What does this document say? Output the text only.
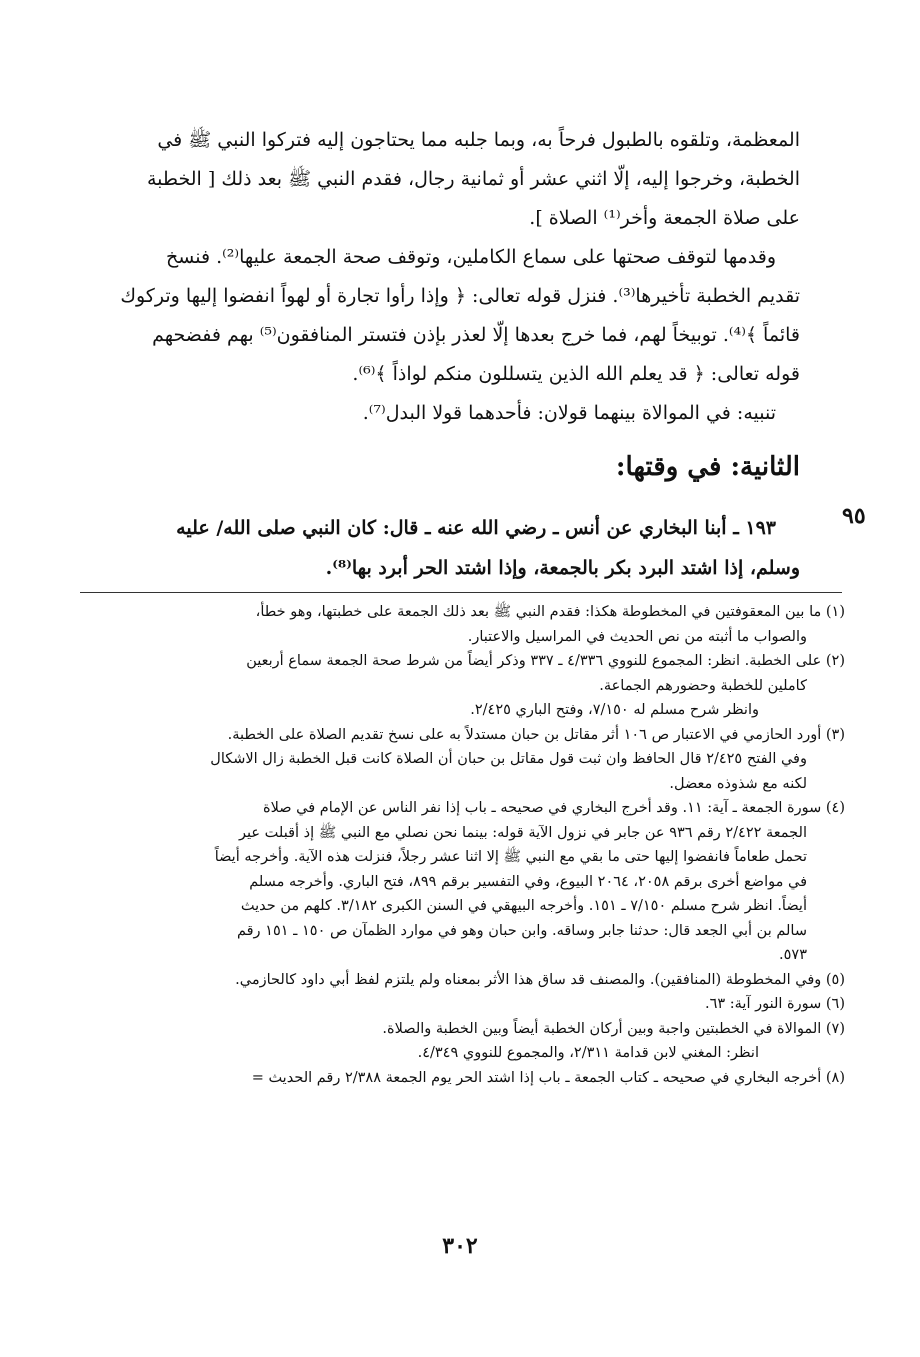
المعظمة، وتلقوه بالطبول فرحاً به، وبما جلبه مما يحتاجون إليه فتركوا النبي ﷺ في
الخطبة، وخرجوا إليه، إلّا اثني عشر أو ثمانية رجال، فقدم النبي ﷺ بعد ذلك [ الخطبة
على صلاة الجمعة وأخر⁽¹⁾ الصلاة ].
وقدمها لتوقف صحتها على سماع الكاملين، وتوقف صحة الجمعة عليها⁽²⁾. فنسخ
تقديم الخطبة تأخيرها⁽³⁾. فنزل قوله تعالى: ﴿ وإذا رأوا تجارة أو لهواً انفضوا إليها وتركوك
قائماً ﴾⁽⁴⁾. توبيخاً لهم، فما خرج بعدها إلّا لعذر بإذن فتستر المنافقون⁽⁵⁾ بهم ففضحهم
قوله تعالى: ﴿ قد يعلم الله الذين يتسللون منكم لواذاً ﴾⁽⁶⁾.
تنبيه: في الموالاة بينهما قولان: فأحدهما قولا البدل⁽⁷⁾.
الثانية: في وقتها:
٩٥
١٩٣ ـ أبنا البخاري عن أنس ـ رضي الله عنه ـ قال: كان النبي صلى الله/ عليه
وسلم، إذا اشتد البرد بكر بالجمعة، وإذا اشتد الحر أبرد بها⁽⁸⁾.
(١) ما بين المعقوفتين في المخطوطة هكذا: فقدم النبي ﷺ بعد ذلك الجمعة على خطبتها، وهو خطأ،
والصواب ما أثبته من نص الحديث في المراسيل والاعتبار.
(٢) على الخطبة. انظر: المجموع للنووي ٤/٣٣٦ ـ ٣٣٧ وذكر أيضاً من شرط صحة الجمعة سماع أربعين
كاملين للخطبة وحضورهم الجماعة.
وانظر شرح مسلم له ٧/١٥٠، وفتح الباري ٢/٤٢٥.
(٣) أورد الحازمي في الاعتبار ص ١٠٦ أثر مقاتل بن حبان مستدلاً به على نسخ تقديم الصلاة على الخطبة.
وفي الفتح ٢/٤٢٥ قال الحافظ وان ثبت قول مقاتل بن حبان أن الصلاة كانت قبل الخطبة زال الاشكال
لكنه مع شذوذه معضل.
(٤) سورة الجمعة ـ آية: ١١. وقد أخرج البخاري في صحيحه ـ باب إذا نفر الناس عن الإمام في صلاة
الجمعة ٢/٤٢٢ رقم ٩٣٦ عن جابر في نزول الآية قوله: بينما نحن نصلي مع النبي ﷺ إذ أقبلت عير
تحمل طعاماً فانفضوا إليها حتى ما بقي مع النبي ﷺ إلا اثنا عشر رجلاً، فنزلت هذه الآية. وأخرجه أيضاً
في مواضع أخرى برقم ٢٠٥٨، ٢٠٦٤ البيوع، وفي التفسير برقم ٨٩٩، فتح الباري. وأخرجه مسلم
أيضاً. انظر شرح مسلم ٧/١٥٠ ـ ١٥١. وأخرجه البيهقي في السنن الكبرى ٣/١٨٢. كلهم من حديث
سالم بن أبي الجعد قال: حدثنا جابر وساقه. وابن حبان وهو في موارد الظمآن ص ١٥٠ ـ ١٥١ رقم
٥٧٣.
(٥) وفي المخطوطة (المنافقين). والمصنف قد ساق هذا الأثر بمعناه ولم يلتزم لفظ أبي داود كالحازمي.
(٦) سورة النور آية: ٦٣.
(٧) الموالاة في الخطبتين واجبة وبين أركان الخطبة أيضاً وبين الخطبة والصلاة.
انظر: المغني لابن قدامة ٢/٣١١، والمجموع للنووي ٤/٣٤٩.
(٨) أخرجه البخاري في صحيحه ـ كتاب الجمعة ـ باب إذا اشتد الحر يوم الجمعة ٢/٣٨٨ رقم الحديث =
٣٠٢
